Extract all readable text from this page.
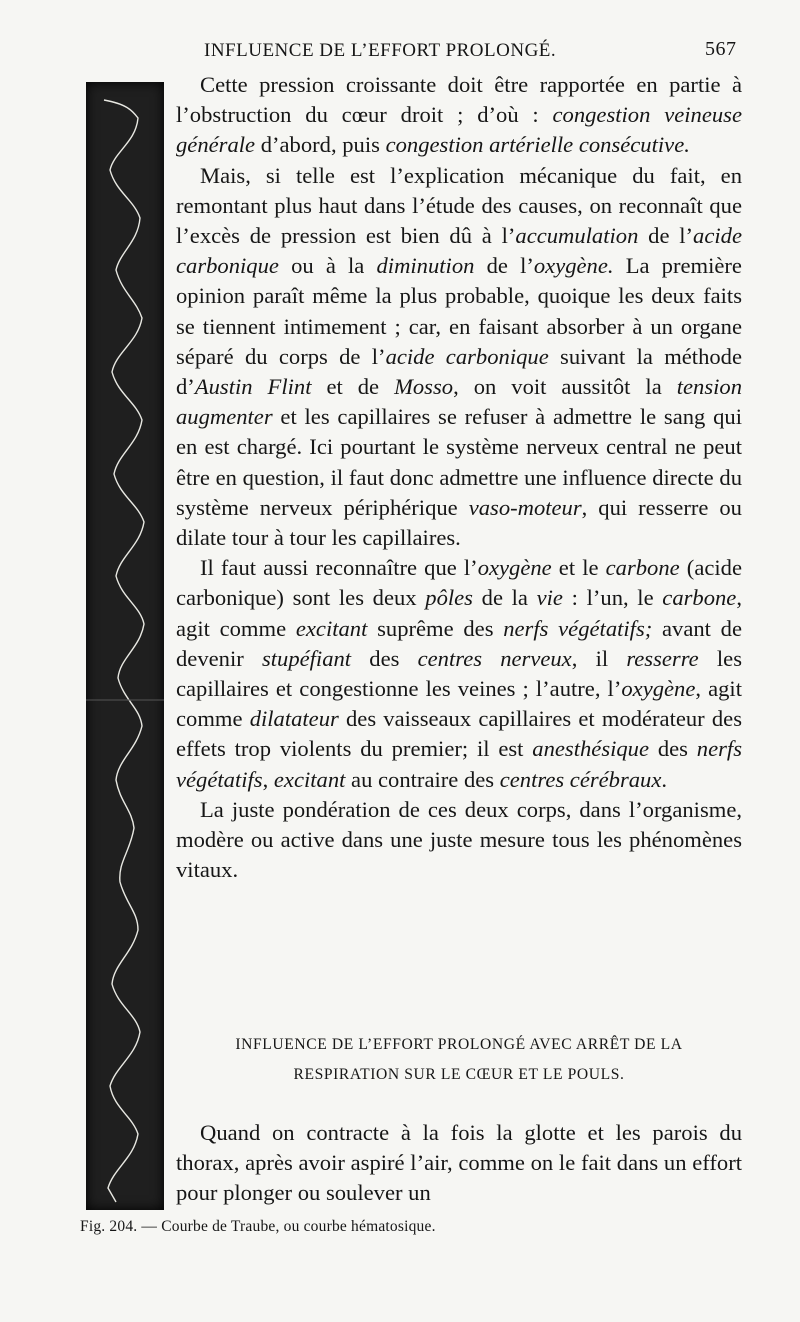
INFLUENCE DE L’EFFORT PROLONGÉ.	567

Cette pression croissante doit être rapportée en partie à l’obstruction du cœur droit ; d’où : congestion veineuse générale d’abord, puis congestion artérielle consécutive.

Mais, si telle est l’explication mécanique du fait, en remontant plus haut dans l’étude des causes, on reconnaît que l’excès de pression est bien dû à l’accumulation de l’acide carbonique ou à la diminution de l’oxygène. La première opinion paraît même la plus probable, quoique les deux faits se tiennent intimement ; car, en faisant absorber à un organe séparé du corps de l’acide carbonique suivant la méthode d’Austin Flint et de Mosso, on voit aussitôt la tension augmenter et les capillaires se refuser à admettre le sang qui en est chargé. Ici pourtant le système nerveux central ne peut être en question, il faut donc admettre une influence directe du système nerveux périphérique vaso-moteur, qui resserre ou dilate tour à tour les capillaires.

Il faut aussi reconnaître que l’oxygène et le carbone (acide carbonique) sont les deux pôles de la vie : l’un, le carbone, agit comme excitant suprême des nerfs végétatifs; avant de devenir stupéfiant des centres nerveux, il resserre les capillaires et congestionne les veines ; l’autre, l’oxygène, agit comme dilatateur des vaisseaux capillaires et modérateur des effets trop violents du premier; il est anesthésique des nerfs végétatifs, excitant au contraire des centres cérébraux.

La juste pondération de ces deux corps, dans l’organisme, modère ou active dans une juste mesure tous les phénomènes vitaux.

INFLUENCE DE L’EFFORT PROLONGÉ AVEC ARRÊT DE LA
RESPIRATION SUR LE CŒUR ET LE POULS.

Quand on contracte à la fois la glotte et les parois du thorax, après avoir aspiré l’air, comme on le fait dans un effort pour plonger ou soulever un

Fig. 204. — Courbe de Traube, ou courbe hématosique.
